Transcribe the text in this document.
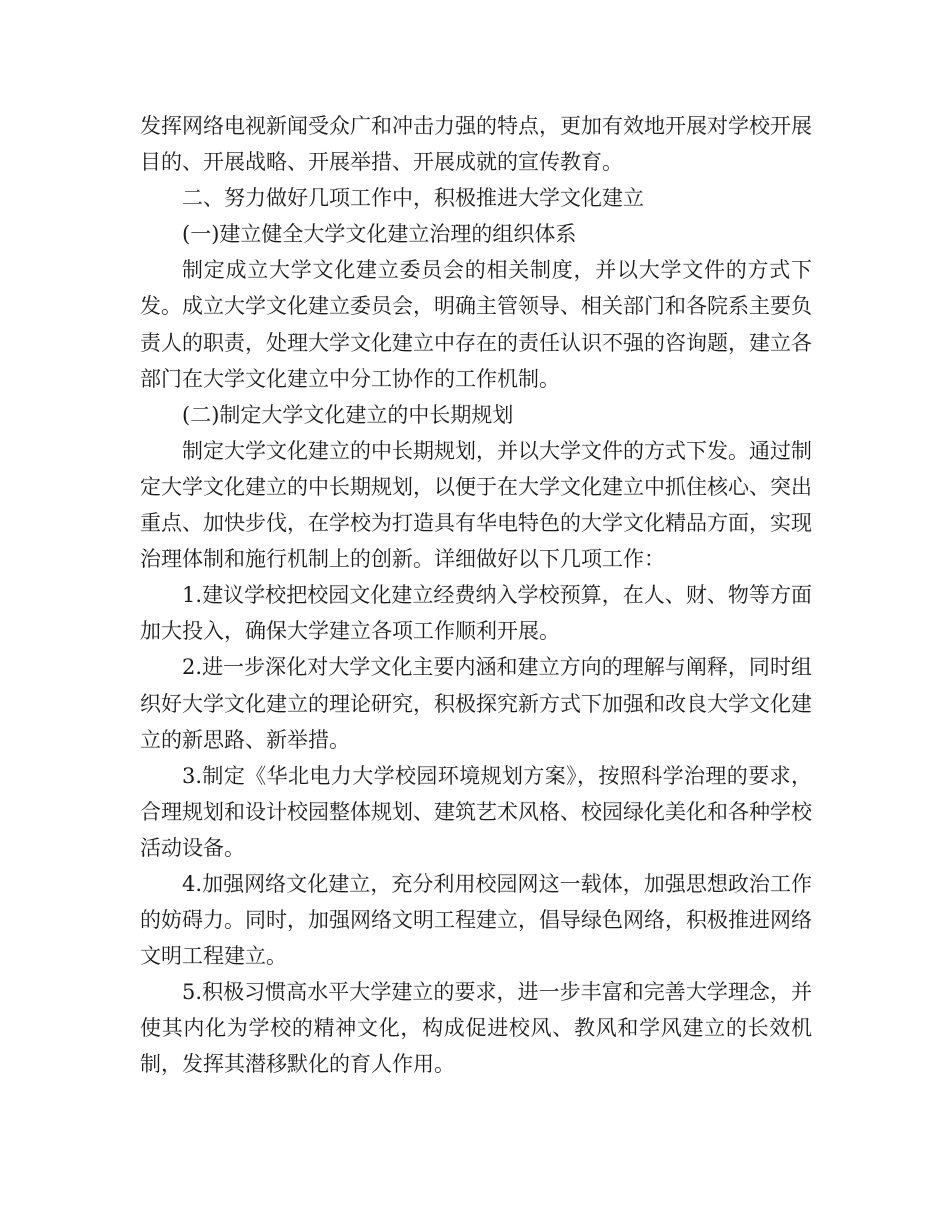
发挥网络电视新闻受众广和冲击力强的特点，更加有效地开展对学校开展目的、开展战略、开展举措、开展成就的宣传教育。

二、努力做好几项工作中，积极推进大学文化建立

(一)建立健全大学文化建立治理的组织体系

制定成立大学文化建立委员会的相关制度，并以大学文件的方式下发。成立大学文化建立委员会，明确主管领导、相关部门和各院系主要负责人的职责，处理大学文化建立中存在的责任认识不强的咨询题，建立各部门在大学文化建立中分工协作的工作机制。

(二)制定大学文化建立的中长期规划

制定大学文化建立的中长期规划，并以大学文件的方式下发。通过制定大学文化建立的中长期规划，以便于在大学文化建立中抓住核心、突出重点、加快步伐，在学校为打造具有华电特色的大学文化精品方面，实现治理体制和施行机制上的创新。详细做好以下几项工作：

1.建议学校把校园文化建立经费纳入学校预算，在人、财、物等方面加大投入，确保大学建立各项工作顺利开展。

2.进一步深化对大学文化主要内涵和建立方向的理解与阐释，同时组织好大学文化建立的理论研究，积极探究新方式下加强和改良大学文化建立的新思路、新举措。

3.制定《华北电力大学校园环境规划方案》，按照科学治理的要求，合理规划和设计校园整体规划、建筑艺术风格、校园绿化美化和各种学校活动设备。

4.加强网络文化建立，充分利用校园网这一载体，加强思想政治工作的妨碍力。同时，加强网络文明工程建立，倡导绿色网络，积极推进网络文明工程建立。

5.积极习惯高水平大学建立的要求，进一步丰富和完善大学理念，并使其内化为学校的精神文化，构成促进校风、教风和学风建立的长效机制，发挥其潜移默化的育人作用。
